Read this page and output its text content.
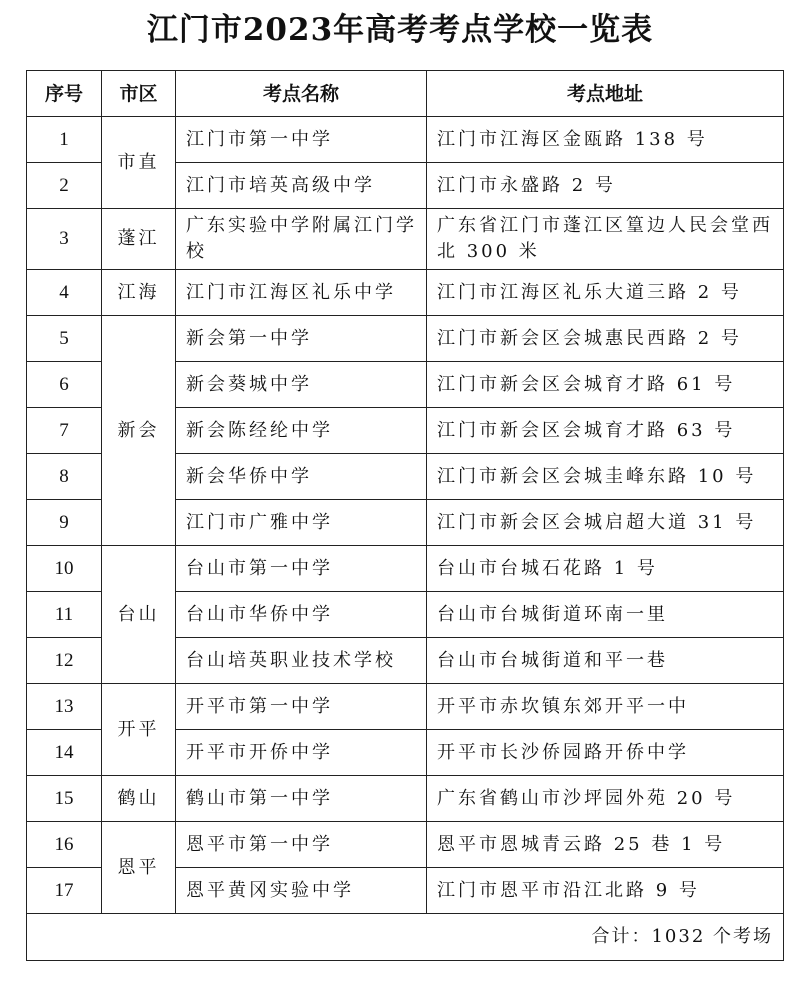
江门市2023年高考考点学校一览表
序号	市区	考点名称	考点地址
1	市直	江门市第一中学	江门市江海区金瓯路 138 号
2		江门市培英高级中学	江门市永盛路 2 号
3	蓬江	广东实验中学附属江门学校	广东省江门市蓬江区篁边人民会堂西北 300 米
4	江海	江门市江海区礼乐中学	江门市江海区礼乐大道三路 2 号
5	新会	新会第一中学	江门市新会区会城惠民西路 2 号
6		新会葵城中学	江门市新会区会城育才路 61 号
7		新会陈经纶中学	江门市新会区会城育才路 63 号
8		新会华侨中学	江门市新会区会城圭峰东路 10 号
9		江门市广雅中学	江门市新会区会城启超大道 31 号
10	台山	台山市第一中学	台山市台城石花路 1 号
11		台山市华侨中学	台山市台城街道环南一里
12		台山培英职业技术学校	台山市台城街道和平一巷
13	开平	开平市第一中学	开平市赤坎镇东郊开平一中
14		开平市开侨中学	开平市长沙侨园路开侨中学
15	鹤山	鹤山市第一中学	广东省鹤山市沙坪园外苑 20 号
16	恩平	恩平市第一中学	恩平市恩城青云路 25 巷 1 号
17		恩平黄冈实验中学	江门市恩平市沿江北路 9 号
合计：1032 个考场			
